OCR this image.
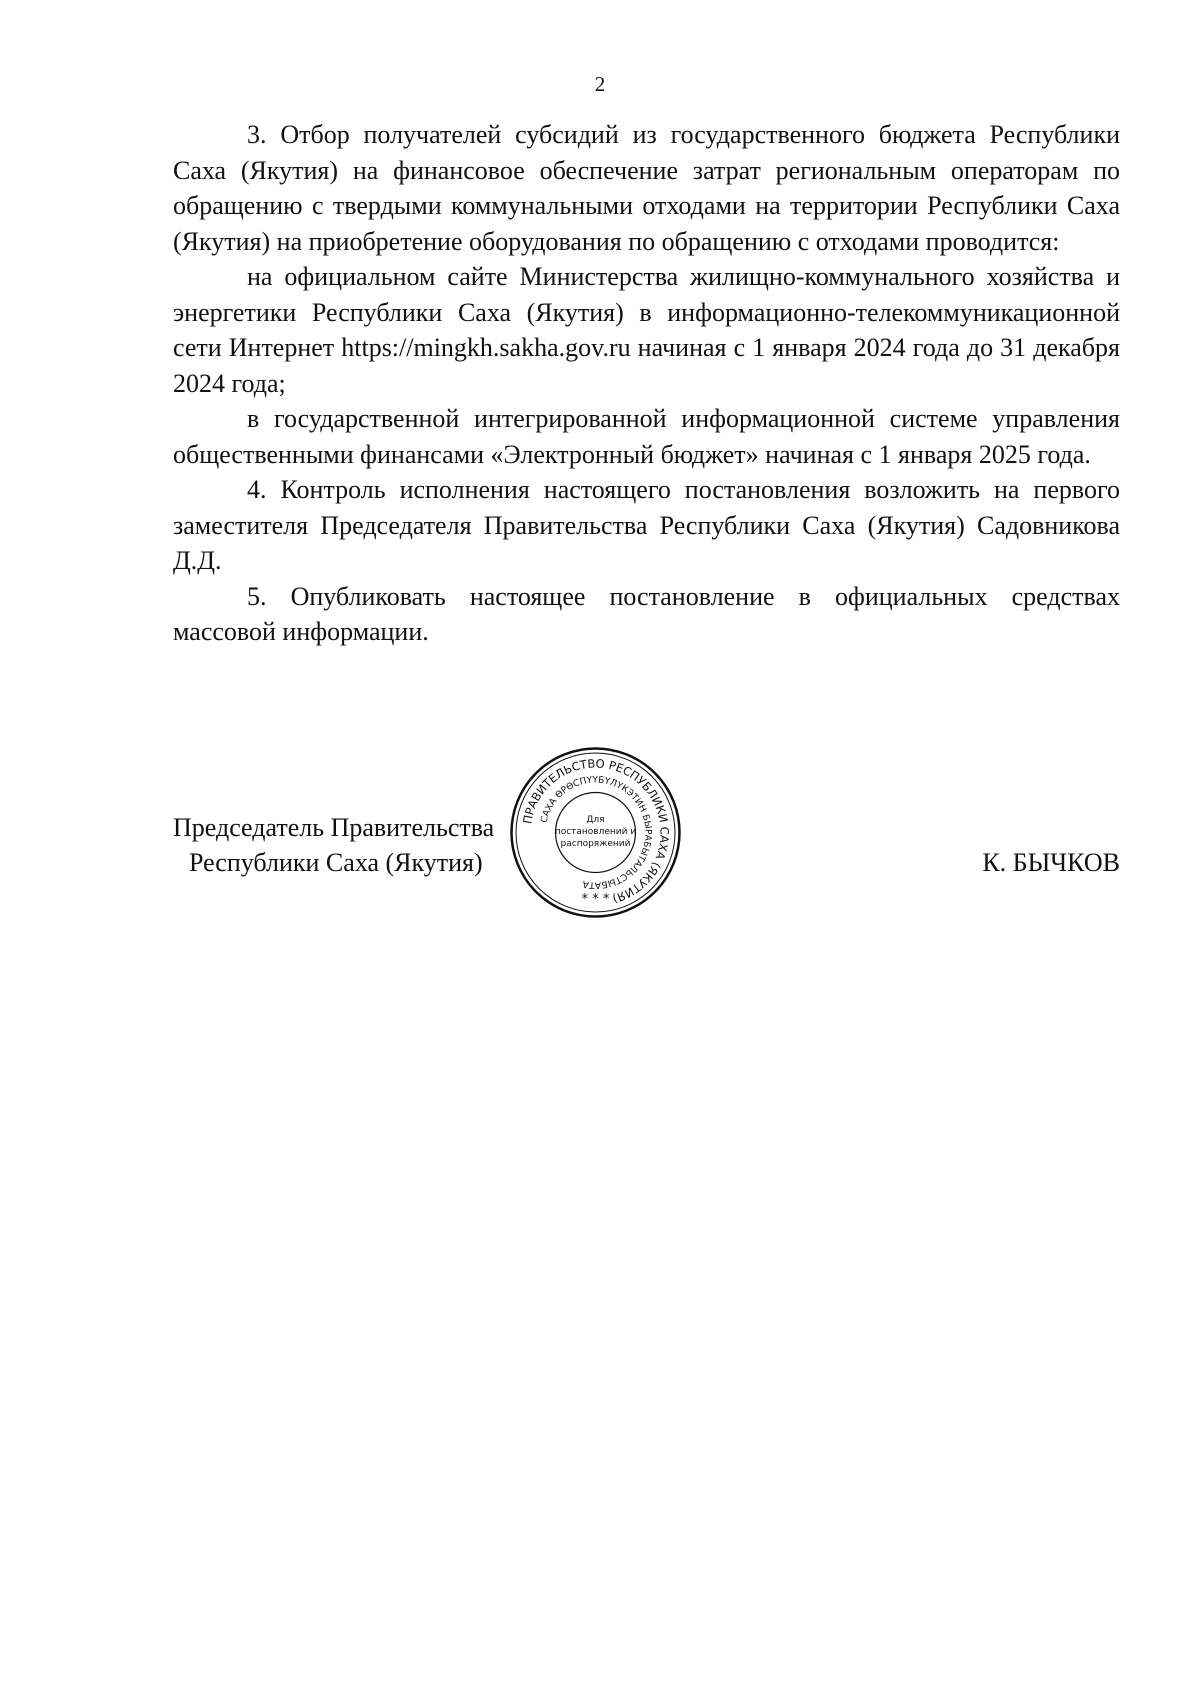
2

3. Отбор получателей субсидий из государственного бюджета Республики Саха (Якутия) на финансовое обеспечение затрат региональным операторам по обращению с твердыми коммунальными отходами на территории Республики Саха (Якутия) на приобретение оборудования по обращению с отходами проводится:

на официальном сайте Министерства жилищно-коммунального хозяйства и энергетики Республики Саха (Якутия) в информационно-телекоммуникационной сети Интернет https://mingkh.sakha.gov.ru начиная с 1 января 2024 года до 31 декабря 2024 года;

в государственной интегрированной информационной системе управления общественными финансами «Электронный бюджет» начиная с 1 января 2025 года.

4. Контроль исполнения настоящего постановления возложить на первого заместителя Председателя Правительства Республики Саха (Якутия) Садовникова Д.Д.

5. Опубликовать настоящее постановление в официальных средствах массовой информации.

Председатель Правительства
Республики Саха (Якутия)	К. БЫЧКОВ
ПРАВИТЕЛЬСТВО РЕСПУБЛИКИ САХА (ЯКУТИЯ)
САХА ӨРӨСПҮҮБҮЛҮКЭТИН БЫРАБЫТАЛЬСТЫБАТА
* * *
Для
постановлений и
распоряжений
